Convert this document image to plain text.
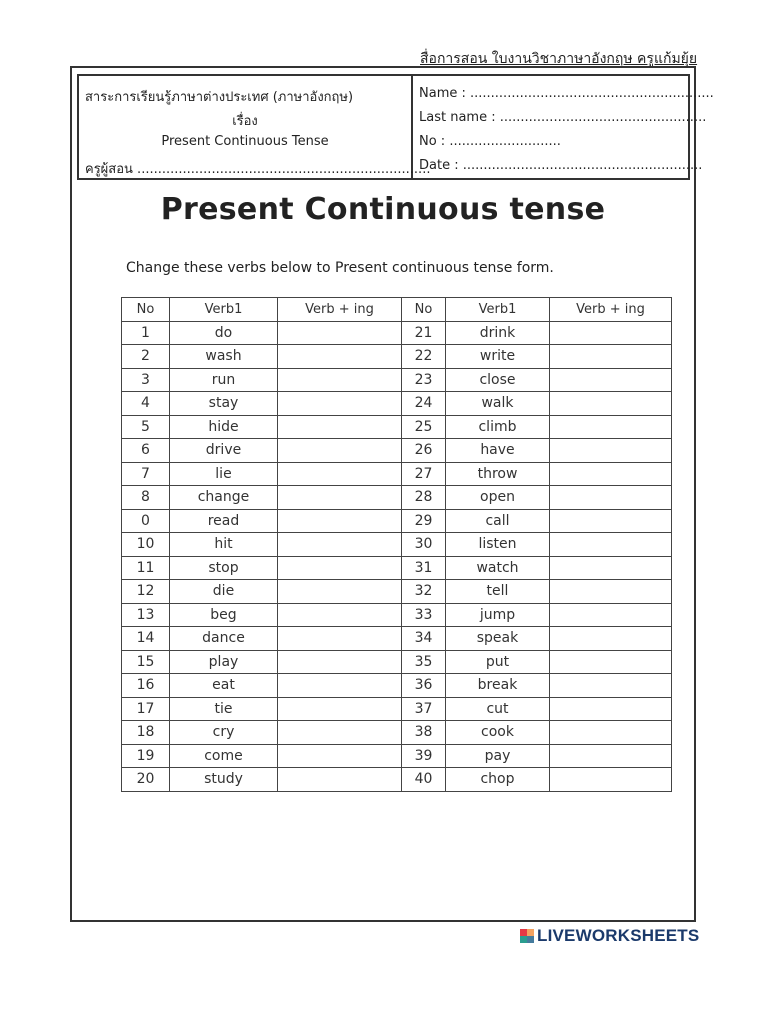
สื่อการสอน ใบงานวิชาภาษาอังกฤษ ครูแก้มยุ้ย
สาระการเรียนรู้ภาษาต่างประเทศ (ภาษาอังกฤษ)
เรื่อง
Present Continuous Tense
ครูผู้สอน .......................................................................
Name : ...........................................................
Last name : ..................................................
No : ...........................
Date : ..........................................................
Present Continuous tense
Change these verbs below to Present continuous tense form.
No	Verb1	Verb + ing	No	Verb1	Verb + ing
1	do		21	drink	
2	wash		22	write	
3	run		23	close	
4	stay		24	walk	
5	hide		25	climb	
6	drive		26	have	
7	lie		27	throw	
8	change		28	open	
0	read		29	call	
10	hit		30	listen	
11	stop		31	watch	
12	die		32	tell	
13	beg		33	jump	
14	dance		34	speak	
15	play		35	put	
16	eat		36	break	
17	tie		37	cut	
18	cry		38	cook	
19	come		39	pay	
20	study		40	chop	
LIVEWORKSHEETS
